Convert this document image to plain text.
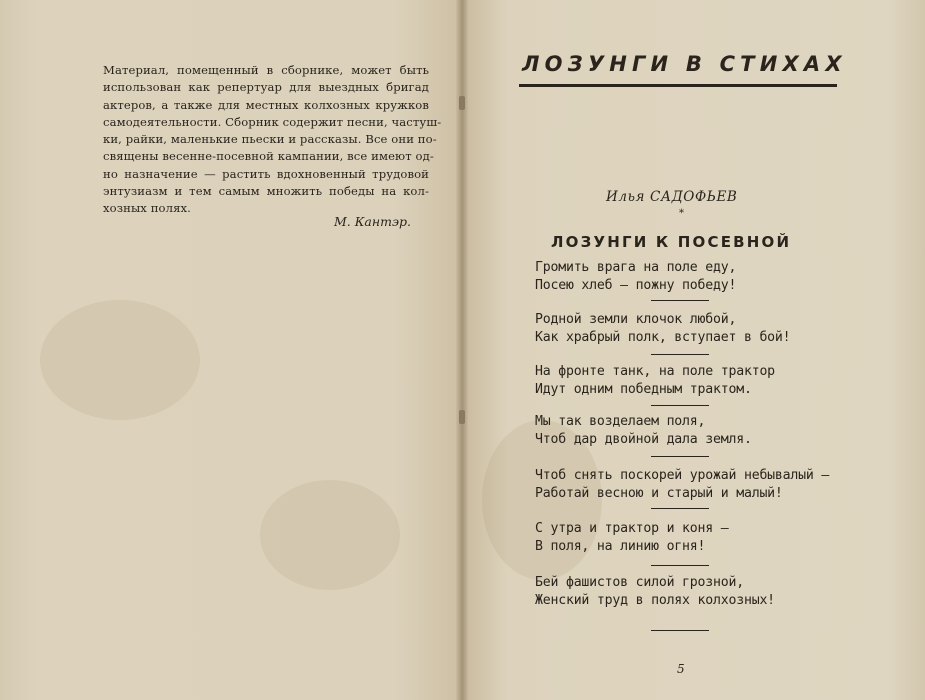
Материал, помещенный в сборнике, может быть
использован как репертуар для выездных бригад
актеров, а также для местных колхозных кружков
самодеятельности. Сборник содержит песни, частуш-
ки, райки, маленькие пьески и рассказы. Все они по-
священы весенне-посевной кампании, все имеют од-
но назначение — растить вдохновенный трудовой
энтузиазм и тем самым множить победы на кол-
хозных полях.
М. Кантэр.
ЛОЗУНГИ В СТИХАХ
Илья САДОФЬЕВ
*
ЛОЗУНГИ К ПОСЕВНОЙ
Громить врага на поле еду,
Посею хлеб — пожну победу!
Родной земли клочок любой,
Как храбрый полк, вступает в бой!
На фронте танк, на поле трактор
Идут одним победным трактом.
Мы так возделаем поля,
Чтоб дар двойной дала земля.
Чтоб снять поскорей урожай небывалый —
Работай весною и старый и малый!
С утра и трактор и коня —
В поля, на линию огня!
Бей фашистов силой грозной,
Женский труд в полях колхозных!
5
